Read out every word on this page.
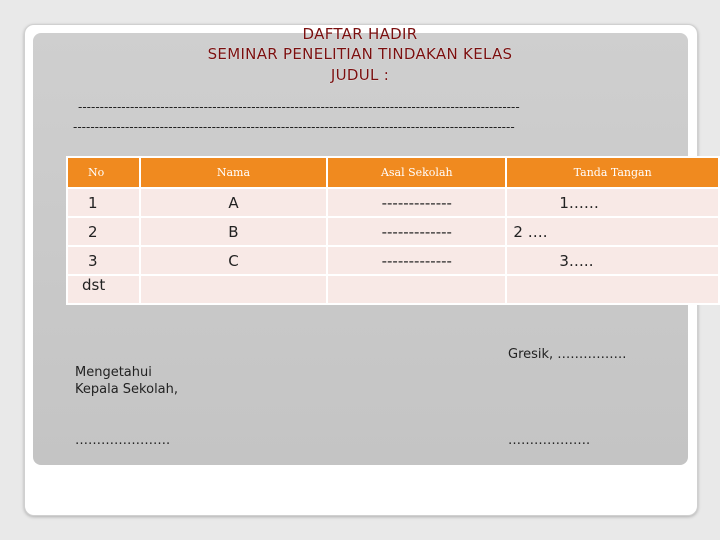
DAFTAR HADIR
SEMINAR PENELITIAN TINDAKAN KELAS
JUDUL :
------------------------------------------------------------------------------------------------------
------------------------------------------------------------------------------------------------------
No	Nama	Asal Sekolah	Tanda Tangan
1	A	-------------	1……
2	B	-------------	2 ….
3	C	-------------	3…..
dst			
Mengetahui
Kepala Sekolah,
………………….
Gresik, …………….
……………….
